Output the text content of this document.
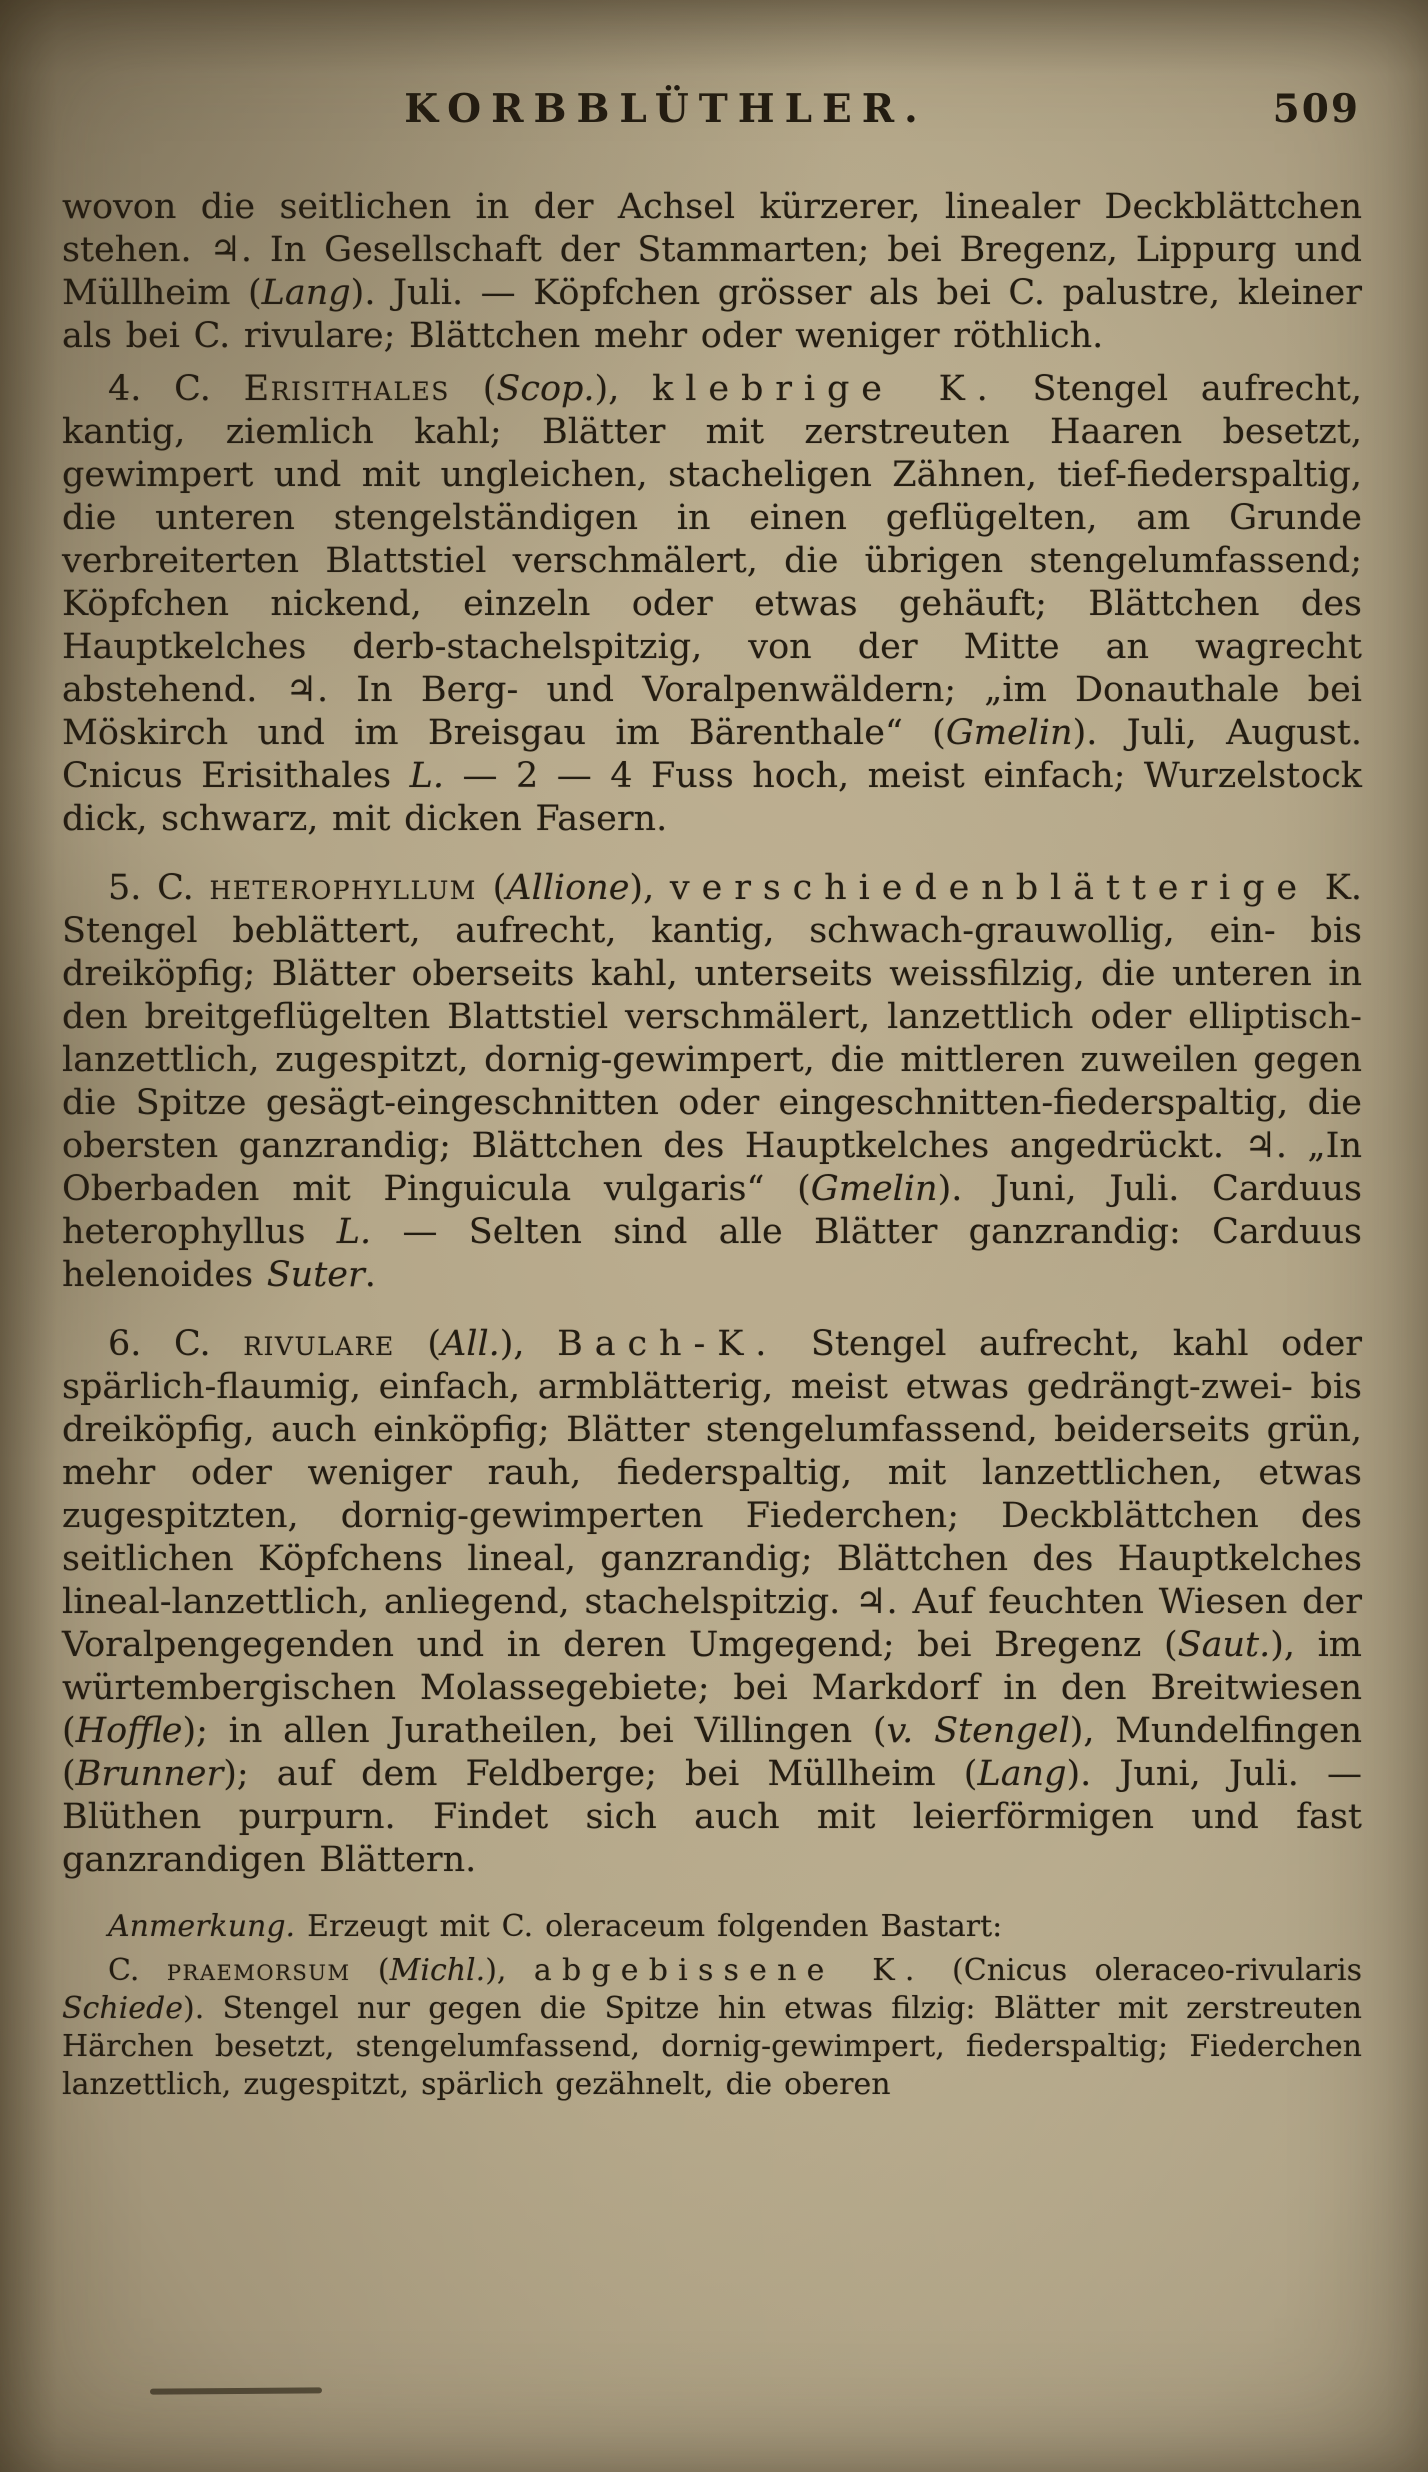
KORBBLÜTHLER.	509

wovon die seitlichen in der Achsel kürzerer, linealer Deckblättchen stehen. ♃. In Gesellschaft der Stammarten; bei Bregenz, Lippurg und Müllheim (Lang). Juli. — Köpfchen grösser als bei C. palustre, kleiner als bei C. rivulare; Blättchen mehr oder weniger röthlich.

4. C. Erisithales (Scop.), klebrige K. Stengel aufrecht, kantig, ziemlich kahl; Blätter mit zerstreuten Haaren besetzt, gewimpert und mit ungleichen, stacheligen Zähnen, tief-fiederspaltig, die unteren stengelständigen in einen geflügelten, am Grunde verbreiterten Blattstiel verschmälert, die übrigen stengelumfassend; Köpfchen nickend, einzeln oder etwas gehäuft; Blättchen des Hauptkelches derb-stachelspitzig, von der Mitte an wagrecht abstehend. ♃. In Berg- und Voralpenwäldern; „im Donauthale bei Möskirch und im Breisgau im Bärenthale“ (Gmelin). Juli, August. Cnicus Erisithales L. — 2 — 4 Fuss hoch, meist einfach; Wurzelstock dick, schwarz, mit dicken Fasern.

5. C. heterophyllum (Allione), verschiedenblätterige K. Stengel beblättert, aufrecht, kantig, schwach-grauwollig, ein- bis dreiköpfig; Blätter oberseits kahl, unterseits weissfilzig, die unteren in den breitgeflügelten Blattstiel verschmälert, lanzettlich oder elliptisch-lanzettlich, zugespitzt, dornig-gewimpert, die mittleren zuweilen gegen die Spitze gesägt-eingeschnitten oder eingeschnitten-fiederspaltig, die obersten ganzrandig; Blättchen des Hauptkelches angedrückt. ♃. „In Oberbaden mit Pinguicula vulgaris“ (Gmelin). Juni, Juli. Carduus heterophyllus L. — Selten sind alle Blätter ganzrandig: Carduus helenoides Suter.

6. C. rivulare (All.), Bach-K. Stengel aufrecht, kahl oder spärlich-flaumig, einfach, armblätterig, meist etwas gedrängt-zwei- bis dreiköpfig, auch einköpfig; Blätter stengelumfassend, beiderseits grün, mehr oder weniger rauh, fiederspaltig, mit lanzettlichen, etwas zugespitzten, dornig-gewimperten Fiederchen; Deckblättchen des seitlichen Köpfchens lineal, ganzrandig; Blättchen des Hauptkelches lineal-lanzettlich, anliegend, stachelspitzig. ♃. Auf feuchten Wiesen der Voralpengegenden und in deren Umgegend; bei Bregenz (Saut.), im würtembergischen Molassegebiete; bei Markdorf in den Breitwiesen (Hoffle); in allen Juratheilen, bei Villingen (v. Stengel), Mundelfingen (Brunner); auf dem Feldberge; bei Müllheim (Lang). Juni, Juli. — Blüthen purpurn. Findet sich auch mit leierförmigen und fast ganzrandigen Blättern.

Anmerkung. Erzeugt mit C. oleraceum folgenden Bastart:

C. praemorsum (Michl.), abgebissene K. (Cnicus oleraceo-rivularis Schiede). Stengel nur gegen die Spitze hin etwas filzig: Blätter mit zerstreuten Härchen besetzt, stengelumfassend, dornig-gewimpert, fiederspaltig; Fiederchen lanzettlich, zugespitzt, spärlich gezähnelt, die oberen
